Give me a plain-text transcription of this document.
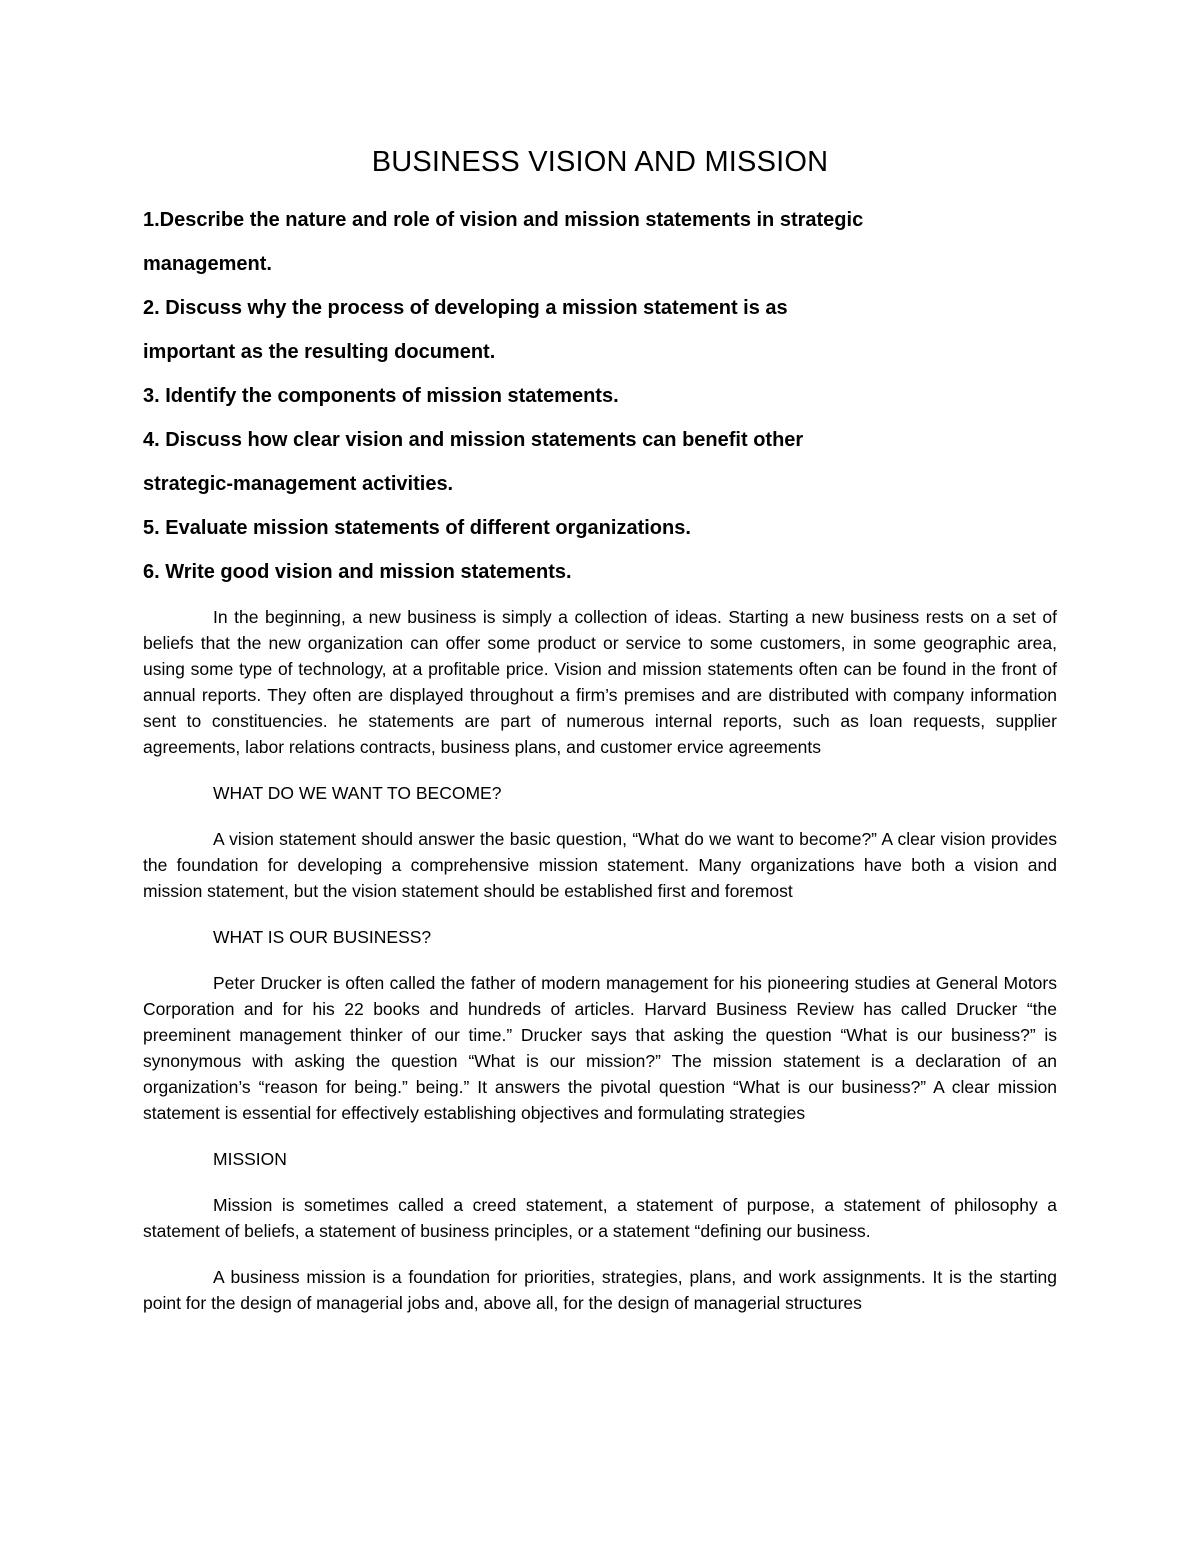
BUSINESS VISION AND MISSION
1.Describe the nature and role of vision and mission statements in strategic
management.
2. Discuss why the process of developing a mission statement is as
important as the resulting document.
3. Identify the components of mission statements.
4. Discuss how clear vision and mission statements can benefit other
strategic-management activities.
5. Evaluate mission statements of different organizations.
6. Write good vision and mission statements.

In the beginning, a new business is simply a collection of ideas. Starting a new business rests on a set of beliefs that the new organization can offer some product or service to some customers, in some geographic area, using some type of technology, at a profitable price. Vision and mission statements often can be found in the front of annual reports. They often are displayed throughout a firm’s premises and are distributed with company information sent to constituencies. he statements are part of numerous internal reports, such as loan requests, supplier agreements, labor relations contracts, business plans, and customer ervice agreements

WHAT DO WE WANT TO BECOME?

A vision statement should answer the basic question, “What do we want to become?” A clear vision provides the foundation for developing a comprehensive mission statement. Many organizations have both a vision and mission statement, but the vision statement should be established first and foremost

WHAT IS OUR BUSINESS?

Peter Drucker is often called the father of modern management for his pioneering studies at General Motors Corporation and for his 22 books and hundreds of articles. Harvard Business Review has called Drucker “the preeminent management thinker of our time.” Drucker says that asking the question “What is our business?” is synonymous with asking the question “What is our mission?” The mission statement is a declaration of an organization’s “reason for being.” being.” It answers the pivotal question “What is our business?” A clear mission statement is essential for effectively establishing objectives and formulating strategies

MISSION

Mission is sometimes called a creed statement, a statement of purpose, a statement of philosophy a statement of beliefs, a statement of business principles, or a statement “defining our business.

A business mission is a foundation for priorities, strategies, plans, and work assignments. It is the starting point for the design of managerial jobs and, above all, for the design of managerial structures
